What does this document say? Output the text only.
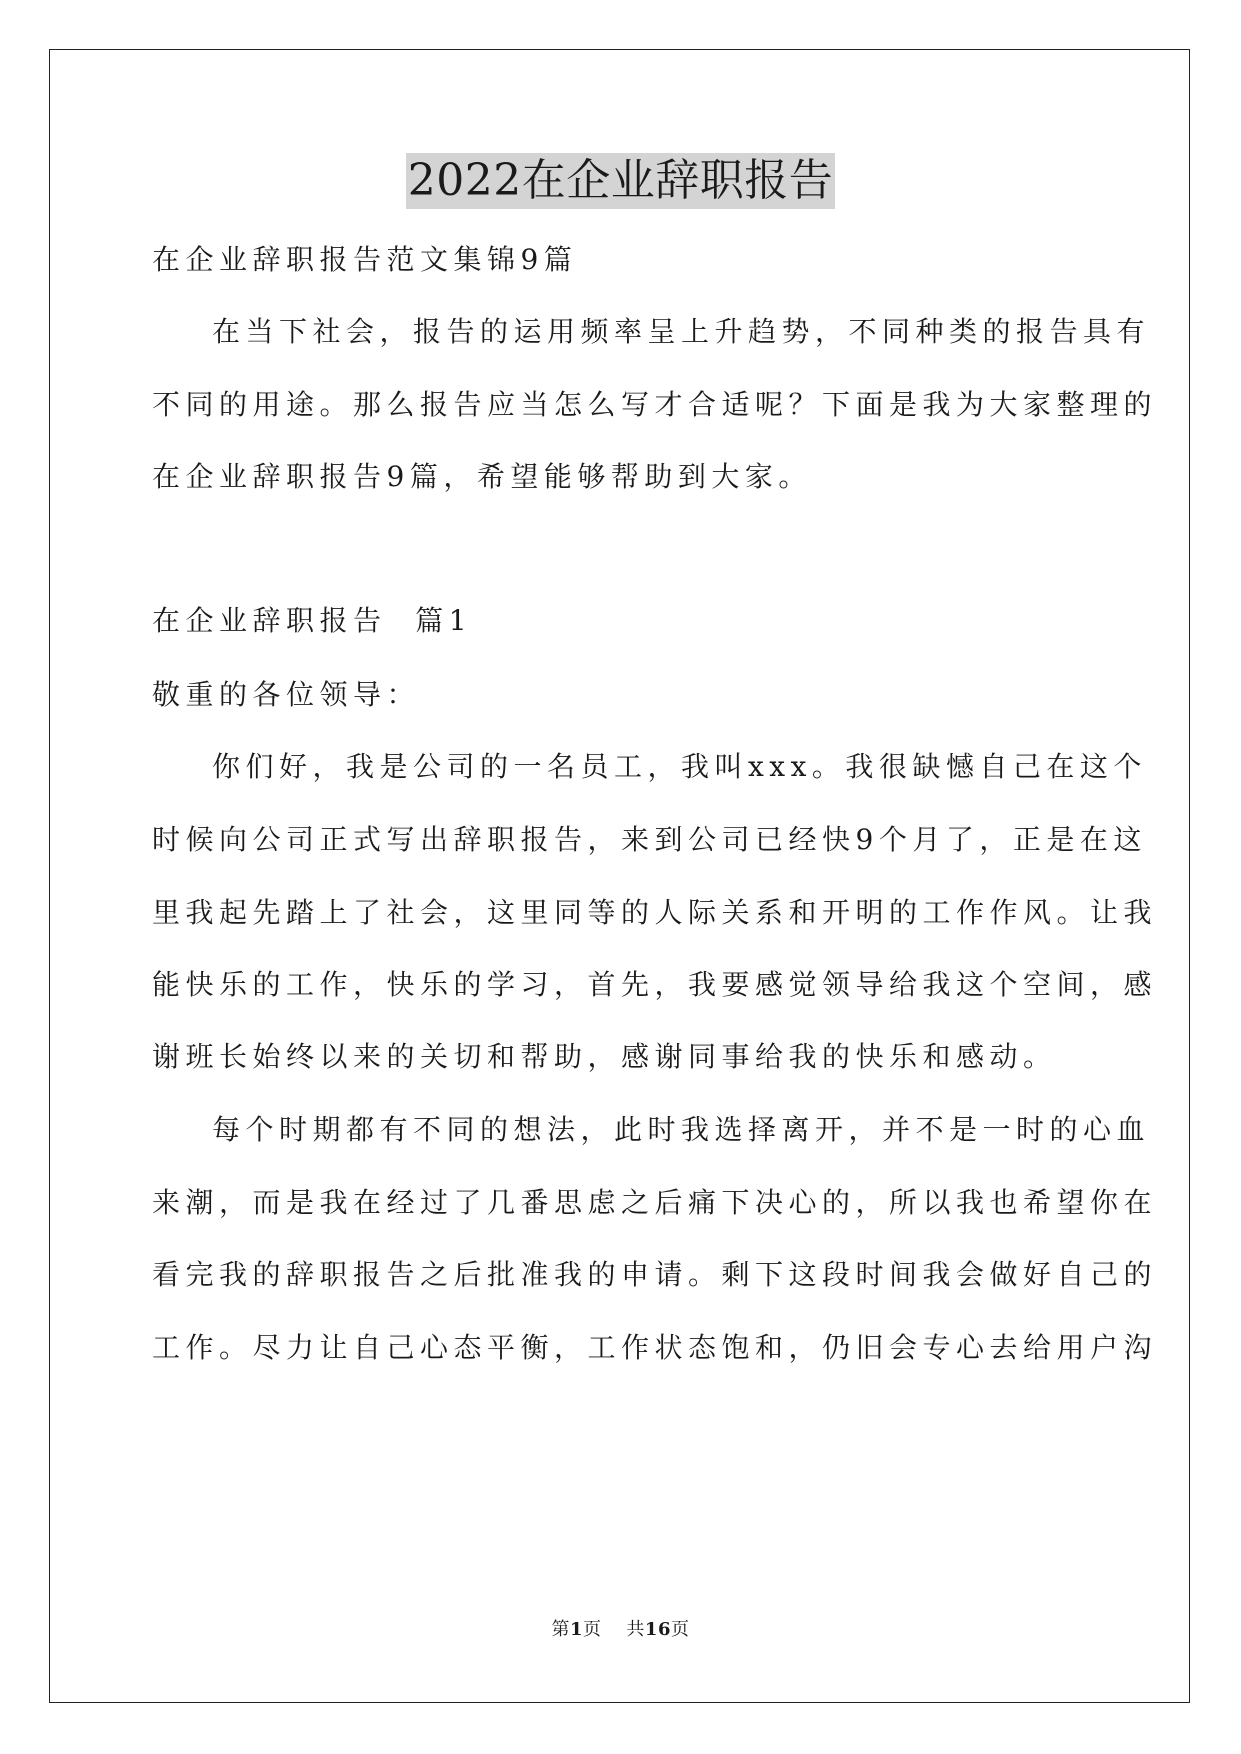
2022在企业辞职报告
在企业辞职报告范文集锦9篇
在当下社会，报告的运用频率呈上升趋势，不同种类的报告具有
不同的用途。那么报告应当怎么写才合适呢？下面是我为大家整理的
在企业辞职报告9篇，希望能够帮助到大家。
在企业辞职报告  篇1
敬重的各位领导：
你们好，我是公司的一名员工，我叫xxx。我很缺憾自己在这个
时候向公司正式写出辞职报告，来到公司已经快9个月了，正是在这
里我起先踏上了社会，这里同等的人际关系和开明的工作作风。让我
能快乐的工作，快乐的学习，首先，我要感觉领导给我这个空间，感
谢班长始终以来的关切和帮助，感谢同事给我的快乐和感动。
每个时期都有不同的想法，此时我选择离开，并不是一时的心血
来潮，而是我在经过了几番思虑之后痛下决心的，所以我也希望你在
看完我的辞职报告之后批准我的申请。剩下这段时间我会做好自己的
工作。尽力让自己心态平衡，工作状态饱和，仍旧会专心去给用户沟
第1页 共16页
